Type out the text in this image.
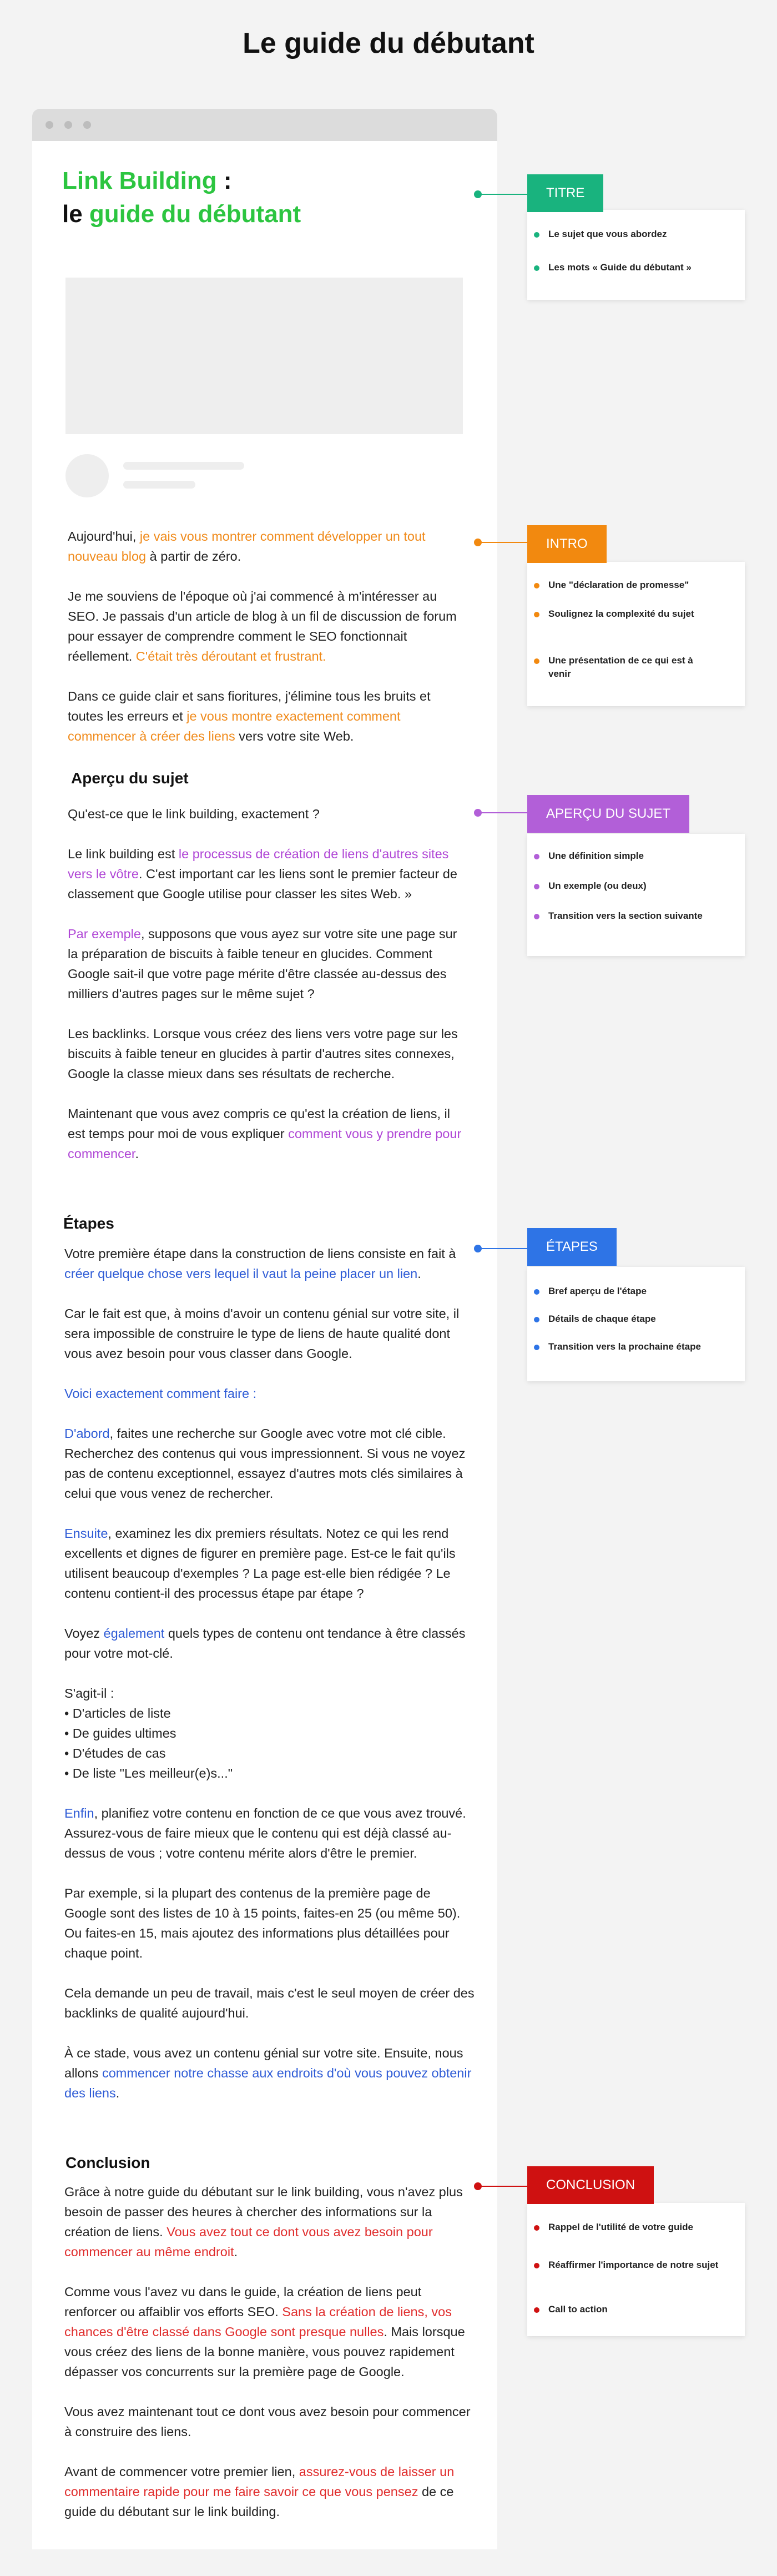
Le guide du débutant
Link Building :
le guide du débutant

Aujourd'hui, je vais vous montrer comment développer un tout nouveau blog à partir de zéro.

Je me souviens de l'époque où j'ai commencé à m'intéresser au SEO. Je passais d'un article de blog à un fil de discussion de forum pour essayer de comprendre comment le SEO fonctionnait réellement. C'était très déroutant et frustrant.

Dans ce guide clair et sans fioritures, j'élimine tous les bruits et toutes les erreurs et je vous montre exactement comment commencer à créer des liens vers votre site Web.

Aperçu du sujet

Qu'est-ce que le link building, exactement ?

Le link building est le processus de création de liens d'autres sites vers le vôtre. C'est important car les liens sont le premier facteur de classement que Google utilise pour classer les sites Web. »

Par exemple, supposons que vous ayez sur votre site une page sur la préparation de biscuits à faible teneur en glucides. Comment Google sait-il que votre page mérite d'être classée au-dessus des milliers d'autres pages sur le même sujet ?

Les backlinks. Lorsque vous créez des liens vers votre page sur les biscuits à faible teneur en glucides à partir d'autres sites connexes, Google la classe mieux dans ses résultats de recherche.

Maintenant que vous avez compris ce qu'est la création de liens, il est temps pour moi de vous expliquer comment vous y prendre pour commencer.

Étapes

Votre première étape dans la construction de liens consiste en fait à créer quelque chose vers lequel il vaut la peine placer un lien.

Car le fait est que, à moins d'avoir un contenu génial sur votre site, il sera impossible de construire le type de liens de haute qualité dont vous avez besoin pour vous classer dans Google.

Voici exactement comment faire :

D'abord, faites une recherche sur Google avec votre mot clé cible. Recherchez des contenus qui vous impressionnent. Si vous ne voyez pas de contenu exceptionnel, essayez d'autres mots clés similaires à celui que vous venez de rechercher.

Ensuite, examinez les dix premiers résultats. Notez ce qui les rend excellents et dignes de figurer en première page. Est-ce le fait qu'ils utilisent beaucoup d'exemples ? La page est-elle bien rédigée ? Le contenu contient-il des processus étape par étape ?

Voyez également quels types de contenu ont tendance à être classés pour votre mot-clé.

S'agit-il :
• D'articles de liste
• De guides ultimes
• D'études de cas
• De liste "Les meilleur(e)s..."

Enfin, planifiez votre contenu en fonction de ce que vous avez trouvé. Assurez-vous de faire mieux que le contenu qui est déjà classé au-dessus de vous ; votre contenu mérite alors d'être le premier.

Par exemple, si la plupart des contenus de la première page de Google sont des listes de 10 à 15 points, faites-en 25 (ou même 50). Ou faites-en 15, mais ajoutez des informations plus détaillées pour chaque point.

Cela demande un peu de travail, mais c'est le seul moyen de créer des backlinks de qualité aujourd'hui.

À ce stade, vous avez un contenu génial sur votre site. Ensuite, nous allons commencer notre chasse aux endroits d'où vous pouvez obtenir des liens.

Conclusion

Grâce à notre guide du débutant sur le link building, vous n'avez plus besoin de passer des heures à chercher des informations sur la création de liens. Vous avez tout ce dont vous avez besoin pour commencer au même endroit.

Comme vous l'avez vu dans le guide, la création de liens peut renforcer ou affaiblir vos efforts SEO. Sans la création de liens, vos chances d'être classé dans Google sont presque nulles. Mais lorsque vous créez des liens de la bonne manière, vous pouvez rapidement dépasser vos concurrents sur la première page de Google.

Vous avez maintenant tout ce dont vous avez besoin pour commencer à construire des liens.

Avant de commencer votre premier lien, assurez-vous de laisser un commentaire rapide pour me faire savoir ce que vous pensez de ce guide du débutant sur le link building.

Le sujet que vous abordez
Les mots « Guide du débutant »
TITRE
Une "déclaration de promesse"
Soulignez la complexité du sujet
Une présentation de ce qui est à venir
INTRO
Une définition simple
Un exemple (ou deux)
Transition vers la section suivante
APERÇU DU SUJET
Bref aperçu de l'étape
Détails de chaque étape
Transition vers la prochaine étape
ÉTAPES
Rappel de l'utilité de votre guide
Réaffirmer l'importance de notre sujet
Call to action
CONCLUSION
